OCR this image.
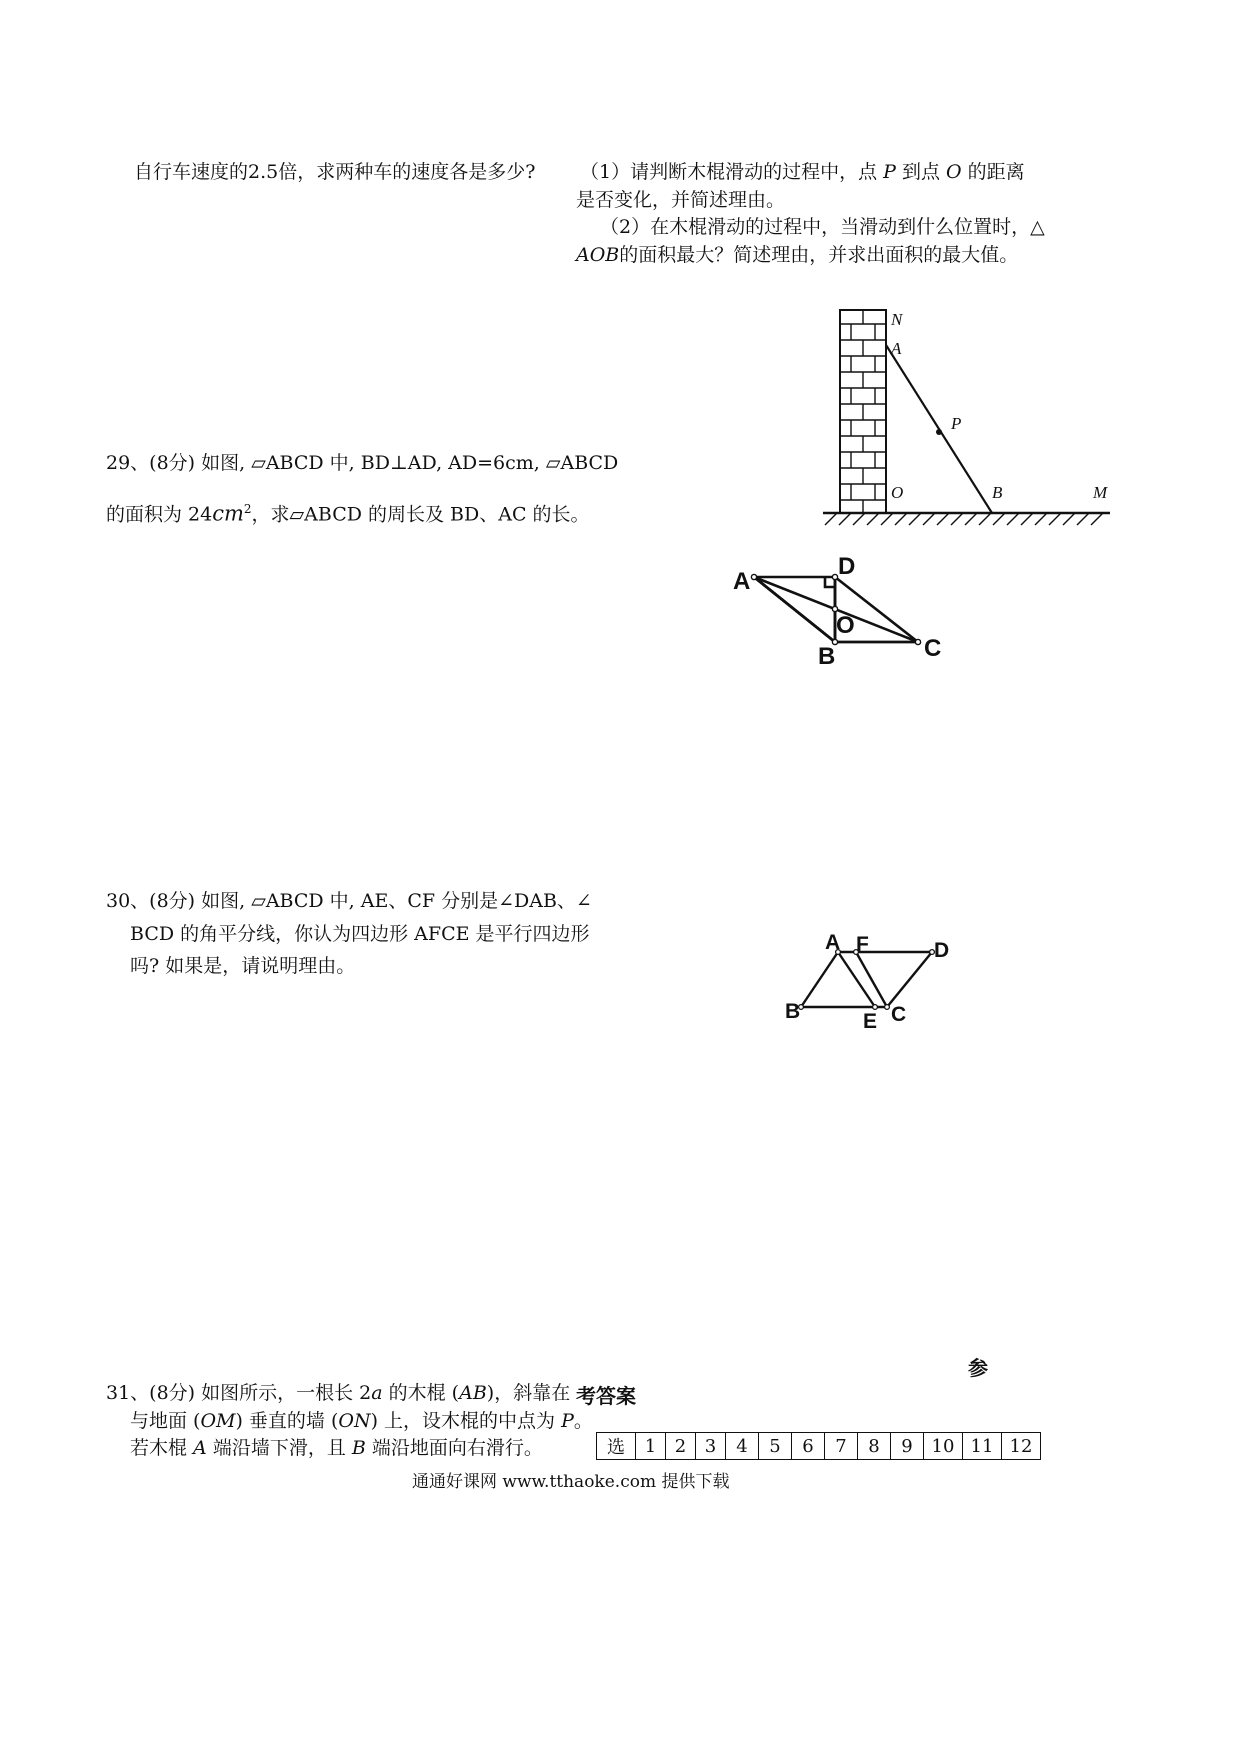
自行车速度的2.5倍，求两种车的速度各是多少? （1）请判断木棍滑动的过程中，点 P 到点 O 的距离
是否变化，并简述理由。
（2）在木棍滑动的过程中，当滑动到什么位置时，△
AOB的面积最大？简述理由，并求出面积的最大值。
N
A
P
O	B	M
29、(8分) 如图, ▱ABCD 中, BD⊥AD, AD=6cm, ▱ABCD
的面积为 $24cm^2$，求▱ABCD 的周长及 BD、AC 的长。
A
D
O
B	C
30、(8分) 如图, ▱ABCD 中, AE、CF 分别是∠DAB、∠
BCD 的角平分线，你认为四边形 AFCE 是平行四边形
吗? 如果是，请说明理由。
A F	D
B	E C
参
考答案
31、(8分) 如图所示，一根长 2a 的木棍 (AB)，斜靠在
与地面 (OM) 垂直的墙 (ON) 上，设木棍的中点为 P。
若木棍 A 端沿墙下滑，且 B 端沿地面向右滑行。	选	1	2	3	4	5	6	7	8	9	10	11	12
通通好课网 www.tthaoke.com 提供下载
